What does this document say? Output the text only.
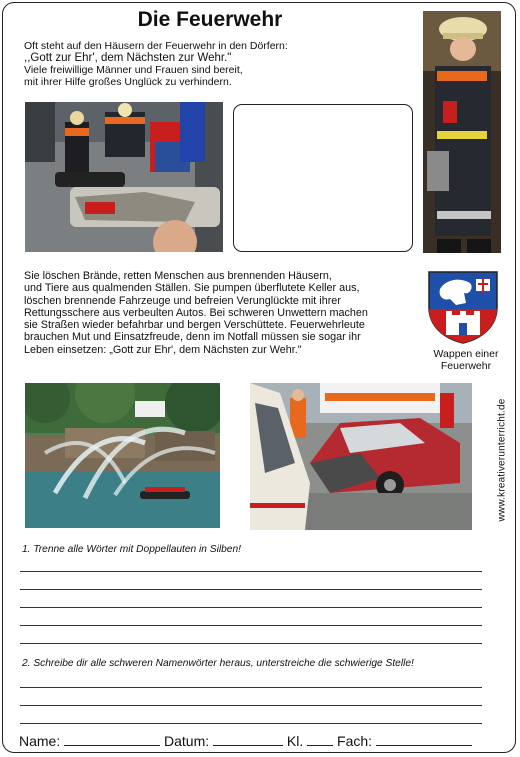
Die Feuerwehr
Oft steht auf den Häusern der Feuerwehr in den Dörfern:
,,Gott zur Ehr', dem Nächsten zur Wehr."
Viele freiwillige Männer und Frauen sind bereit,
mit ihrer Hilfe großes Unglück zu verhindern.
Sie löschen Brände, retten Menschen aus brennenden Häusern,
und Tiere aus qualmenden Ställen. Sie pumpen überflutete Keller aus,
löschen brennende Fahrzeuge und befreien Verunglückte mit ihrer
Rettungsschere aus verbeulten Autos. Bei schweren Unwettern machen
sie Straßen wieder befahrbar und bergen Verschüttete. Feuerwehrleute
brauchen Mut und Einsatzfreude, denn im Notfall müssen sie sogar ihr
Leben einsetzen: „Gott zur Ehr', dem Nächsten zur Wehr."	Wappen einer
Feuerwehr
www.kreativerunterricht.de
1. Trenne alle Wörter mit Doppellauten in Silben!
2. Schreibe dir alle schweren Namenwörter heraus, unterstreiche die schwierige Stelle!
Name:	Datum:	Kl. Fach:
